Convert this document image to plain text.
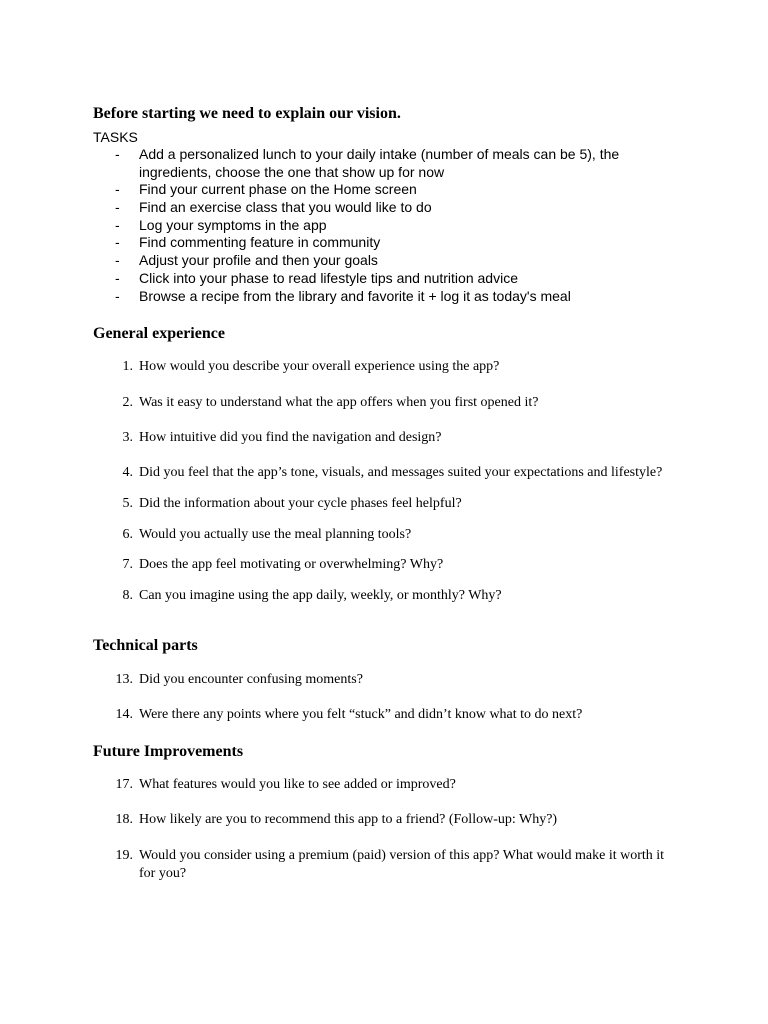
Before starting we need to explain our vision.
TASKS
- Add a personalized lunch to your daily intake (number of meals can be 5), the ingredients, choose the one that show up for now
- Find your current phase on the Home screen
- Find an exercise class that you would like to do
- Log your symptoms in the app
- Find commenting feature in community
- Adjust your profile and then your goals
- Click into your phase to read lifestyle tips and nutrition advice
- Browse a recipe from the library and favorite it + log it as today's meal
General experience
1. How would you describe your overall experience using the app?
2. Was it easy to understand what the app offers when you first opened it?
3. How intuitive did you find the navigation and design?
4. Did you feel that the app’s tone, visuals, and messages suited your expectations and lifestyle?
5. Did the information about your cycle phases feel helpful?
6. Would you actually use the meal planning tools?
7. Does the app feel motivating or overwhelming? Why?
8. Can you imagine using the app daily, weekly, or monthly? Why?
Technical parts
13. Did you encounter confusing moments?
14. Were there any points where you felt “stuck” and didn’t know what to do next?
Future Improvements
17. What features would you like to see added or improved?
18. How likely are you to recommend this app to a friend? (Follow-up: Why?)
19. Would you consider using a premium (paid) version of this app? What would make it worth it for you?
